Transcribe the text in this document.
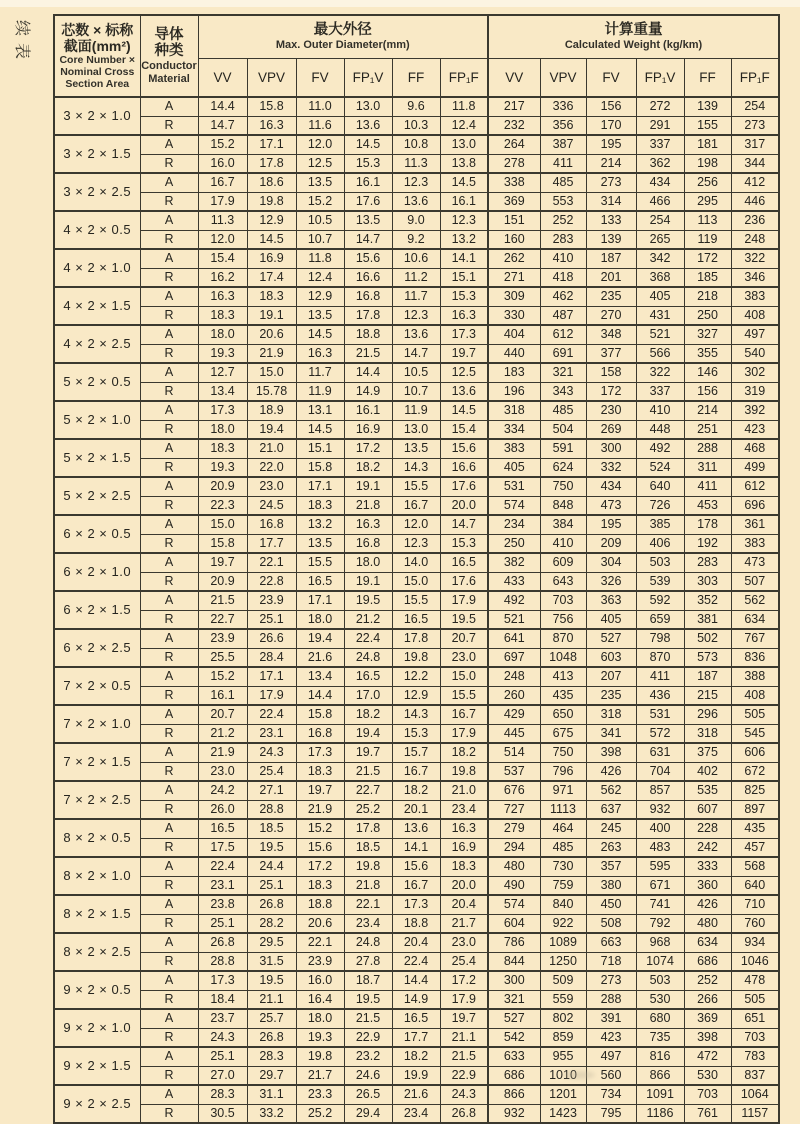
续表	芯数 × 标称
截面(mm²)
Core Number ×
Nominal Cross
Section Area	导体
种类
Conductor
Material	最大外径
Max. Outer Diameter(mm)						计算重量
Calculated Weight (kg/km)					

		VV	VPV	FV	FP₁V	FF	FP₁F	VV	VPV	FV	FP₁V	FF	FP₁F
3 × 2 × 1.0	A	14.4	15.8	11.0	13.0	9.6	11.8	217	336	156	272	139	254
	R	14.7	16.3	11.6	13.6	10.3	12.4	232	356	170	291	155	273
3 × 2 × 1.5	A	15.2	17.1	12.0	14.5	10.8	13.0	264	387	195	337	181	317
	R	16.0	17.8	12.5	15.3	11.3	13.8	278	411	214	362	198	344
3 × 2 × 2.5	A	16.7	18.6	13.5	16.1	12.3	14.5	338	485	273	434	256	412
	R	17.9	19.8	15.2	17.6	13.6	16.1	369	553	314	466	295	446
4 × 2 × 0.5	A	11.3	12.9	10.5	13.5	9.0	12.3	151	252	133	254	113	236
	R	12.0	14.5	10.7	14.7	9.2	13.2	160	283	139	265	119	248
4 × 2 × 1.0	A	15.4	16.9	11.8	15.6	10.6	14.1	262	410	187	342	172	322
	R	16.2	17.4	12.4	16.6	11.2	15.1	271	418	201	368	185	346
4 × 2 × 1.5	A	16.3	18.3	12.9	16.8	11.7	15.3	309	462	235	405	218	383
	R	18.3	19.1	13.5	17.8	12.3	16.3	330	487	270	431	250	408
4 × 2 × 2.5	A	18.0	20.6	14.5	18.8	13.6	17.3	404	612	348	521	327	497
	R	19.3	21.9	16.3	21.5	14.7	19.7	440	691	377	566	355	540
5 × 2 × 0.5	A	12.7	15.0	11.7	14.4	10.5	12.5	183	321	158	322	146	302
	R	13.4	15.78	11.9	14.9	10.7	13.6	196	343	172	337	156	319
5 × 2 × 1.0	A	17.3	18.9	13.1	16.1	11.9	14.5	318	485	230	410	214	392
	R	18.0	19.4	14.5	16.9	13.0	15.4	334	504	269	448	251	423
5 × 2 × 1.5	A	18.3	21.0	15.1	17.2	13.5	15.6	383	591	300	492	288	468
	R	19.3	22.0	15.8	18.2	14.3	16.6	405	624	332	524	311	499
5 × 2 × 2.5	A	20.9	23.0	17.1	19.1	15.5	17.6	531	750	434	640	411	612
	R	22.3	24.5	18.3	21.8	16.7	20.0	574	848	473	726	453	696
6 × 2 × 0.5	A	15.0	16.8	13.2	16.3	12.0	14.7	234	384	195	385	178	361
	R	15.8	17.7	13.5	16.8	12.3	15.3	250	410	209	406	192	383
6 × 2 × 1.0	A	19.7	22.1	15.5	18.0	14.0	16.5	382	609	304	503	283	473
	R	20.9	22.8	16.5	19.1	15.0	17.6	433	643	326	539	303	507
6 × 2 × 1.5	A	21.5	23.9	17.1	19.5	15.5	17.9	492	703	363	592	352	562
	R	22.7	25.1	18.0	21.2	16.5	19.5	521	756	405	659	381	634
6 × 2 × 2.5	A	23.9	26.6	19.4	22.4	17.8	20.7	641	870	527	798	502	767
	R	25.5	28.4	21.6	24.8	19.8	23.0	697	1048	603	870	573	836
7 × 2 × 0.5	A	15.2	17.1	13.4	16.5	12.2	15.0	248	413	207	411	187	388
	R	16.1	17.9	14.4	17.0	12.9	15.5	260	435	235	436	215	408
7 × 2 × 1.0	A	20.7	22.4	15.8	18.2	14.3	16.7	429	650	318	531	296	505
	R	21.2	23.1	16.8	19.4	15.3	17.9	445	675	341	572	318	545
7 × 2 × 1.5	A	21.9	24.3	17.3	19.7	15.7	18.2	514	750	398	631	375	606
	R	23.0	25.4	18.3	21.5	16.7	19.8	537	796	426	704	402	672
7 × 2 × 2.5	A	24.2	27.1	19.7	22.7	18.2	21.0	676	971	562	857	535	825
	R	26.0	28.8	21.9	25.2	20.1	23.4	727	1113	637	932	607	897
8 × 2 × 0.5	A	16.5	18.5	15.2	17.8	13.6	16.3	279	464	245	400	228	435
	R	17.5	19.5	15.6	18.5	14.1	16.9	294	485	263	483	242	457
8 × 2 × 1.0	A	22.4	24.4	17.2	19.8	15.6	18.3	480	730	357	595	333	568
	R	23.1	25.1	18.3	21.8	16.7	20.0	490	759	380	671	360	640
8 × 2 × 1.5	A	23.8	26.8	18.8	22.1	17.3	20.4	574	840	450	741	426	710
	R	25.1	28.2	20.6	23.4	18.8	21.7	604	922	508	792	480	760
8 × 2 × 2.5	A	26.8	29.5	22.1	24.8	20.4	23.0	786	1089	663	968	634	934
	R	28.8	31.5	23.9	27.8	22.4	25.4	844	1250	718	1074	686	1046
9 × 2 × 0.5	A	17.3	19.5	16.0	18.7	14.4	17.2	300	509	273	503	252	478
	R	18.4	21.1	16.4	19.5	14.9	17.9	321	559	288	530	266	505
9 × 2 × 1.0	A	23.7	25.7	18.0	21.5	16.5	19.7	527	802	391	680	369	651
	R	24.3	26.8	19.3	22.9	17.7	21.1	542	859	423	735	398	703
9 × 2 × 1.5	A	25.1	28.3	19.8	23.2	18.2	21.5	633	955	497	816	472	783
	R	27.0	29.7	21.7	24.6	19.9	22.9	686	1010	560	866	530	837
9 × 2 × 2.5	A	28.3	31.1	23.3	26.5	21.6	24.3	866	1201	734	1091	703	1064
	R	30.5	33.2	25.2	29.4	23.4	26.8	932	1423	795	1186	761	1157
